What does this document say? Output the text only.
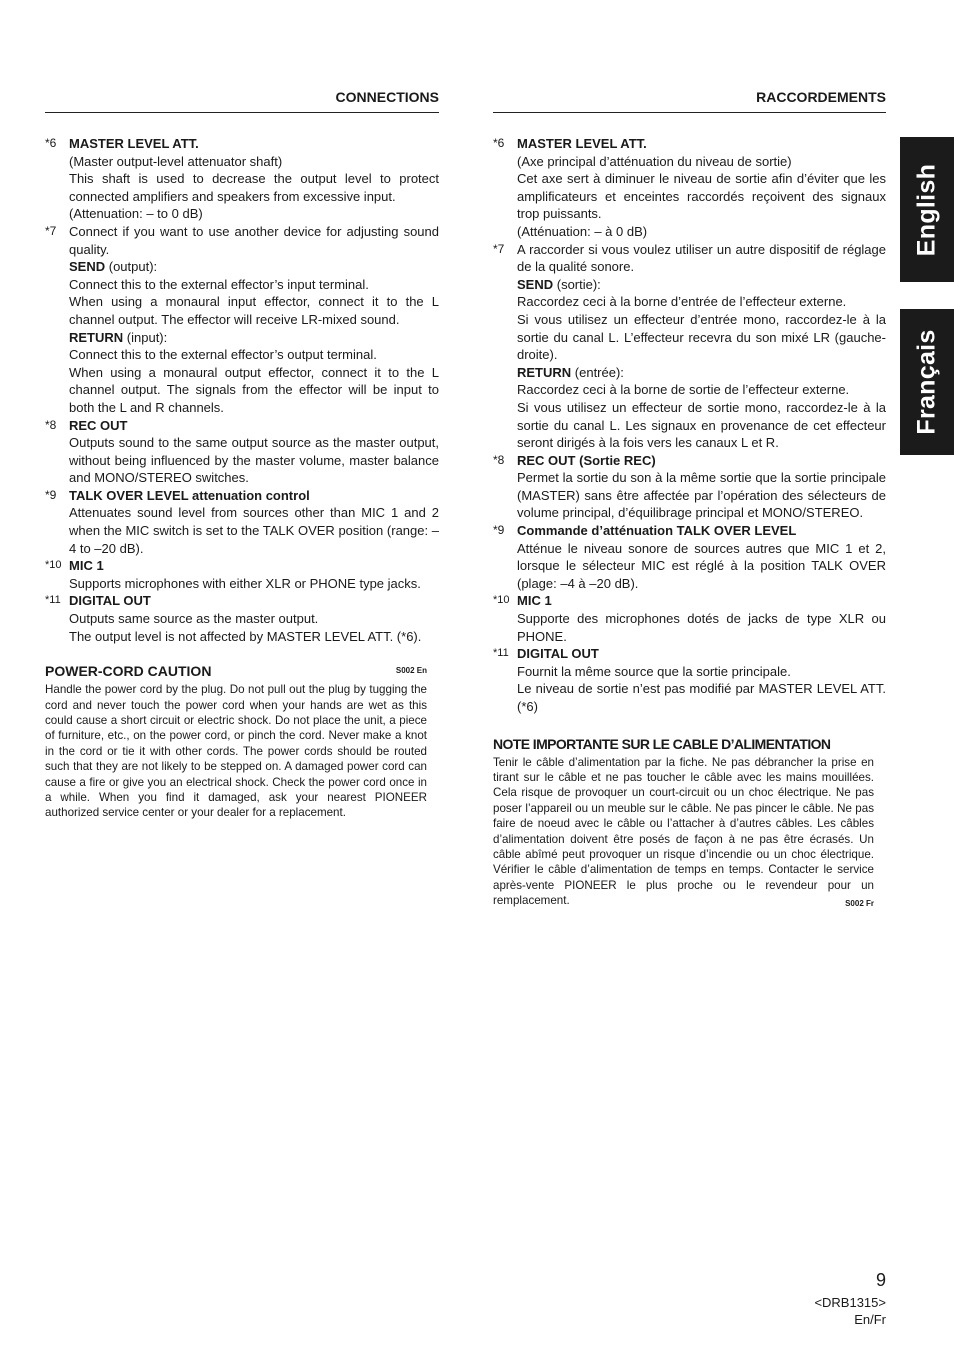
CONNECTIONS
*6 MASTER LEVEL ATT.
(Master output-level attenuator shaft)
This shaft is used to decrease the output level to protect connected amplifiers and speakers from excessive input.
(Attenuation: – to 0 dB)
*7 Connect if you want to use another device for adjusting sound quality.
SEND (output):
Connect this to the external effector’s input terminal.
When using a monaural input effector, connect it to the L channel output. The effector will receive LR-mixed sound.
RETURN (input):
Connect this to the external effector’s output terminal.
When using a monaural output effector, connect it to the L channel output. The signals from the effector will be input to both the L and R channels.
*8 REC OUT
Outputs sound to the same output source as the master output, without being influenced by the master volume, master balance and MONO/STEREO switches.
*9 TALK OVER LEVEL attenuation control
Attenuates sound level from sources other than MIC 1 and 2 when the MIC switch is set to the TALK OVER position (range: –4 to –20 dB).
*10 MIC 1
Supports microphones with either XLR or PHONE type jacks.
*11 DIGITAL OUT
Outputs same source as the master output.
The output level is not affected by MASTER LEVEL ATT. (*6).
POWER-CORD CAUTION	S002 En
Handle the power cord by the plug. Do not pull out the plug by tugging the cord and never touch the power cord when your hands are wet as this could cause a short circuit or electric shock. Do not place the unit, a piece of furniture, etc., on the power cord, or pinch the cord. Never make a knot in the cord or tie it with other cords. The power cords should be routed such that they are not likely to be stepped on. A damaged power cord can cause a fire or give you an electrical shock. Check the power cord once in a while. When you find it damaged, ask your nearest PIONEER authorized service center or your dealer for a replacement.
RACCORDEMENTS
*6 MASTER LEVEL ATT.
(Axe principal d’atténuation du niveau de sortie)
Cet axe sert à diminuer le niveau de sortie afin d’éviter que les amplificateurs et enceintes raccordés reçoivent des signaux trop puissants.
(Atténuation: – à 0 dB)
*7 A raccorder si vous voulez utiliser un autre dispositif de réglage de la qualité sonore.
SEND (sortie):
Raccordez ceci à la borne d’entrée de l’effecteur externe.
Si vous utilisez un effecteur d’entrée mono, raccordez-le à la sortie du canal L. L’effecteur recevra du son mixé LR (gauche-droite).
RETURN (entrée):
Raccordez ceci à la borne de sortie de l’effecteur externe.
Si vous utilisez un effecteur de sortie mono, raccordez-le à la sortie du canal L. Les signaux en provenance de cet effecteur seront dirigés à la fois vers les canaux L et R.
*8 REC OUT (Sortie REC)
Permet la sortie du son à la même sortie que la sortie principale (MASTER) sans être affectée par l’opération des sélecteurs de volume principal, d’équilibrage principal et MONO/STEREO.
*9 Commande d’atténuation TALK OVER LEVEL
Atténue le niveau sonore de sources autres que MIC 1 et 2, lorsque le sélecteur MIC est réglé à la position TALK OVER (plage: –4 à –20 dB).
*10 MIC 1
Supporte des microphones dotés de jacks de type XLR ou PHONE.
*11 DIGITAL OUT
Fournit la même source que la sortie principale.
Le niveau de sortie n’est pas modifié par MASTER LEVEL ATT. (*6)
NOTE IMPORTANTE SUR LE CABLE D’ALIMENTATION
Tenir le câble d’alimentation par la fiche. Ne pas débrancher la prise en tirant sur le câble et ne pas toucher le câble avec les mains mouillées. Cela risque de provoquer un court-circuit ou un choc électrique. Ne pas poser l’appareil ou un meuble sur le câble. Ne pas pincer le câble. Ne pas faire de noeud avec le câble ou l’attacher à d’autres câbles. Les câbles d’alimentation doivent être posés de façon à ne pas être écrasés. Un câble abîmé peut provoquer un risque d’incendie ou un choc électrique. Vérifier le câble d’alimentation de temps en temps. Contacter le service après-vente PIONEER le plus proche ou le revendeur pour un remplacement.	S002 Fr
English
Français
9
<DRB1315>
En/Fr
